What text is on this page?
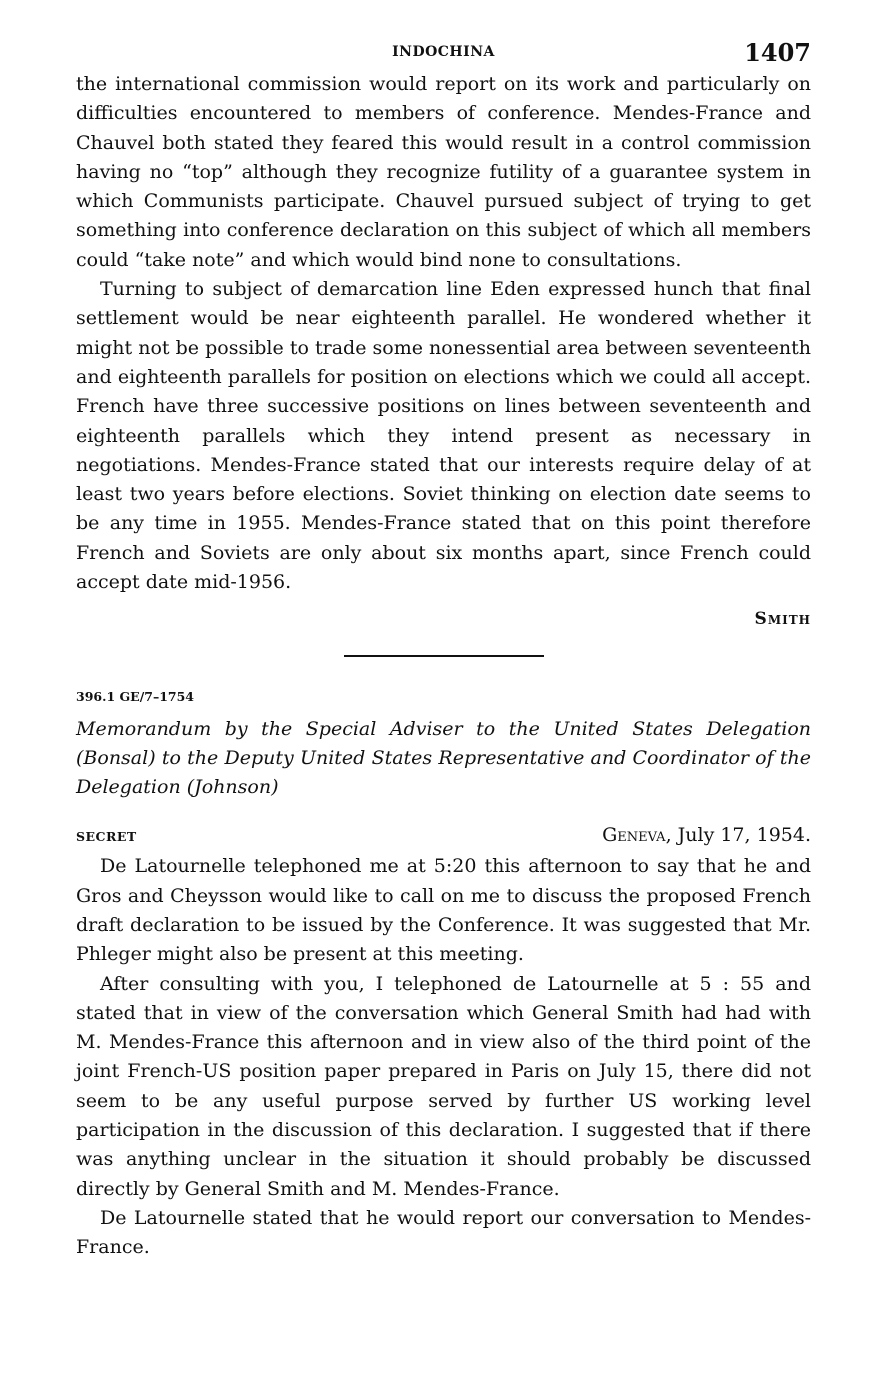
INDOCHINA	1407

the international commission would report on its work and particularly on difficulties encountered to members of conference. Mendes-France and Chauvel both stated they feared this would result in a control commission having no “top” although they recognize futility of a guarantee system in which Communists participate. Chauvel pursued subject of trying to get something into conference declaration on this subject of which all members could “take note” and which would bind none to consultations.

Turning to subject of demarcation line Eden expressed hunch that final settlement would be near eighteenth parallel. He wondered whether it might not be possible to trade some nonessential area between seventeenth and eighteenth parallels for position on elections which we could all accept. French have three successive positions on lines between seventeenth and eighteenth parallels which they intend present as necessary in negotiations. Mendes-France stated that our interests require delay of at least two years before elections. Soviet thinking on election date seems to be any time in 1955. Mendes-France stated that on this point therefore French and Soviets are only about six months apart, since French could accept date mid-1956.

Smith
396.1 GE/7–1754
Memorandum by the Special Adviser to the United States Delegation (Bonsal) to the Deputy United States Representative and Coordinator of the Delegation (Johnson)
SECRET	Geneva, July 17, 1954.

De Latournelle telephoned me at 5:20 this afternoon to say that he and Gros and Cheysson would like to call on me to discuss the proposed French draft declaration to be issued by the Conference. It was suggested that Mr. Phleger might also be present at this meeting.

After consulting with you, I telephoned de Latournelle at 5 : 55 and stated that in view of the conversation which General Smith had had with M. Mendes-France this afternoon and in view also of the third point of the joint French-US position paper prepared in Paris on July 15, there did not seem to be any useful purpose served by further US working level participation in the discussion of this declaration. I suggested that if there was anything unclear in the situation it should probably be discussed directly by General Smith and M. Mendes-France.

De Latournelle stated that he would report our conversation to Mendes-France.
